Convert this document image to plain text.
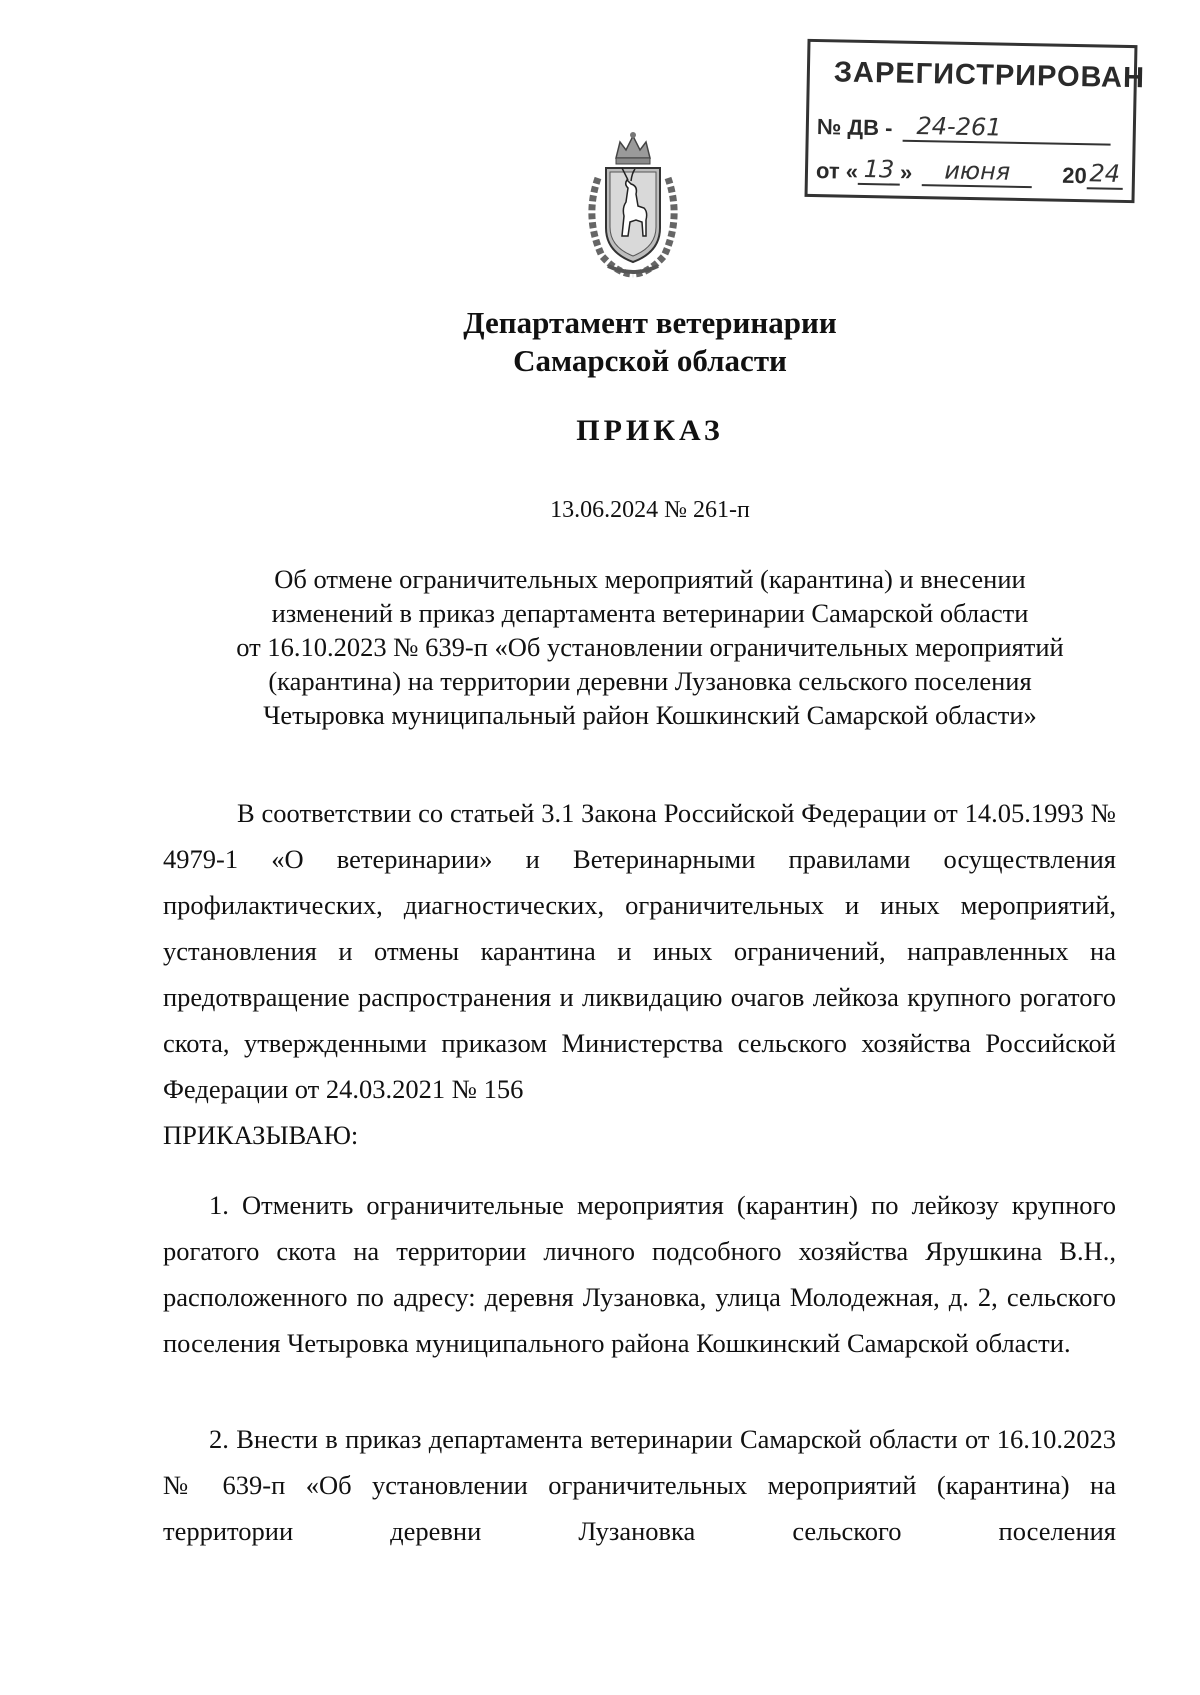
ЗАРЕГИСТРИРОВАН
№ ДВ - 24-261
от « 13 » июня 2024
Департамент ветеринарии
Самарской области
ПРИКАЗ
13.06.2024 № 261-п
Об отмене ограничительных мероприятий (карантина) и внесении
изменений в приказ департамента ветеринарии Самарской области
от 16.10.2023 № 639-п «Об установлении ограничительных мероприятий
(карантина) на территории деревни Лузановка сельского поселения
Четыровка муниципальный район Кошкинский Самарской области»
В соответствии со статьей 3.1 Закона Российской Федерации от 14.05.1993 № 4979-1 «О ветеринарии» и Ветеринарными правилами осуществления профилактических, диагностических, ограничительных и иных мероприятий, установления и отмены карантина и иных ограничений, направленных на предотвращение распространения и ликвидацию очагов лейкоза крупного рогатого скота, утвержденными приказом Министерства сельского хозяйства Российской Федерации от 24.03.2021 № 156
ПРИКАЗЫВАЮ:
1. Отменить ограничительные мероприятия (карантин) по лейкозу крупного рогатого скота на территории личного подсобного хозяйства Ярушкина В.Н., расположенного по адресу: деревня Лузановка, улица Молодежная, д. 2, сельского поселения Четыровка муниципального района Кошкинский Самарской области.
2. Внести в приказ департамента ветеринарии Самарской области от 16.10.2023 № 639-п «Об установлении ограничительных мероприятий (карантина) на территории деревни Лузановка сельского поселения
